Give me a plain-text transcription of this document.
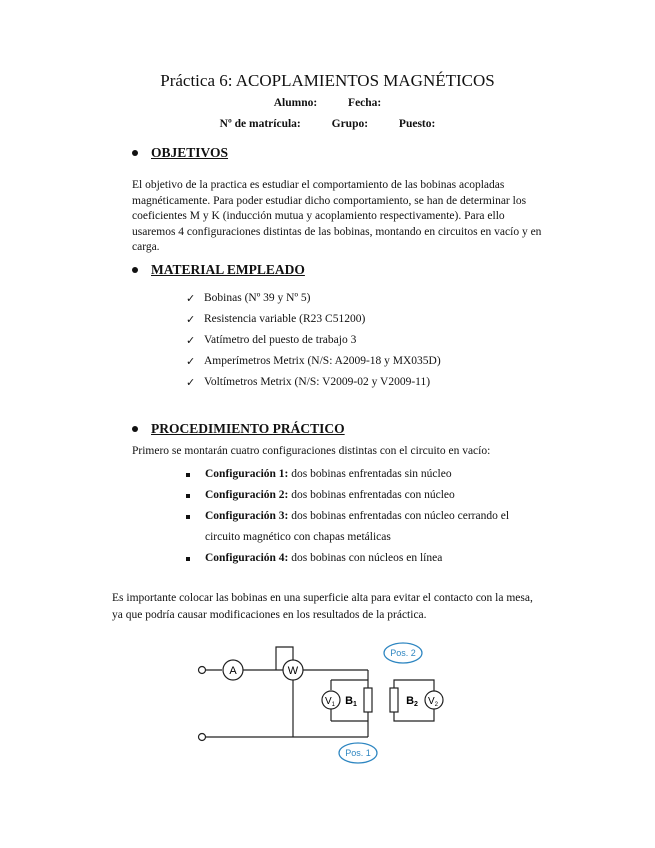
Práctica 6: ACOPLAMIENTOS MAGNÉTICOS
Alumno:	Fecha:
Nº de matrícula:	Grupo:	Puesto:
OBJETIVOS

El objetivo de la practica es estudiar el comportamiento de las bobinas acopladas magnéticamente. Para poder estudiar dicho comportamiento, se han de determinar los coeficientes M y K (inducción mutua y acoplamiento respectivamente). Para ello usaremos 4 configuraciones distintas de las bobinas, montando en circuitos en vacío y en carga.

MATERIAL EMPLEADO
✓ Bobinas (Nº 39 y Nº 5)
✓ Resistencia variable (R23 C51200)
✓ Vatímetro del puesto de trabajo 3
✓ Amperímetros Metrix (N/S: A2009-18 y MX035D)
✓ Voltímetros Metrix (N/S: V2009-02 y V2009-11)
PROCEDIMIENTO PRÁCTICO

Primero se montarán cuatro configuraciones distintas con el circuito en vacío:

Configuración 1: dos bobinas enfrentadas sin núcleo
Configuración 2: dos bobinas enfrentadas con núcleo
Configuración 3: dos bobinas enfrentadas con núcleo cerrando el circuito magnético con chapas metálicas
Configuración 4: dos bobinas con núcleos en línea

Es importante colocar las bobinas en una superficie alta para evitar el contacto con la mesa, ya que podría causar modificaciones en los resultados de la práctica.

A	W
B1
$V_1$	B2 $V_2$
Pos. 2
Pos. 1
